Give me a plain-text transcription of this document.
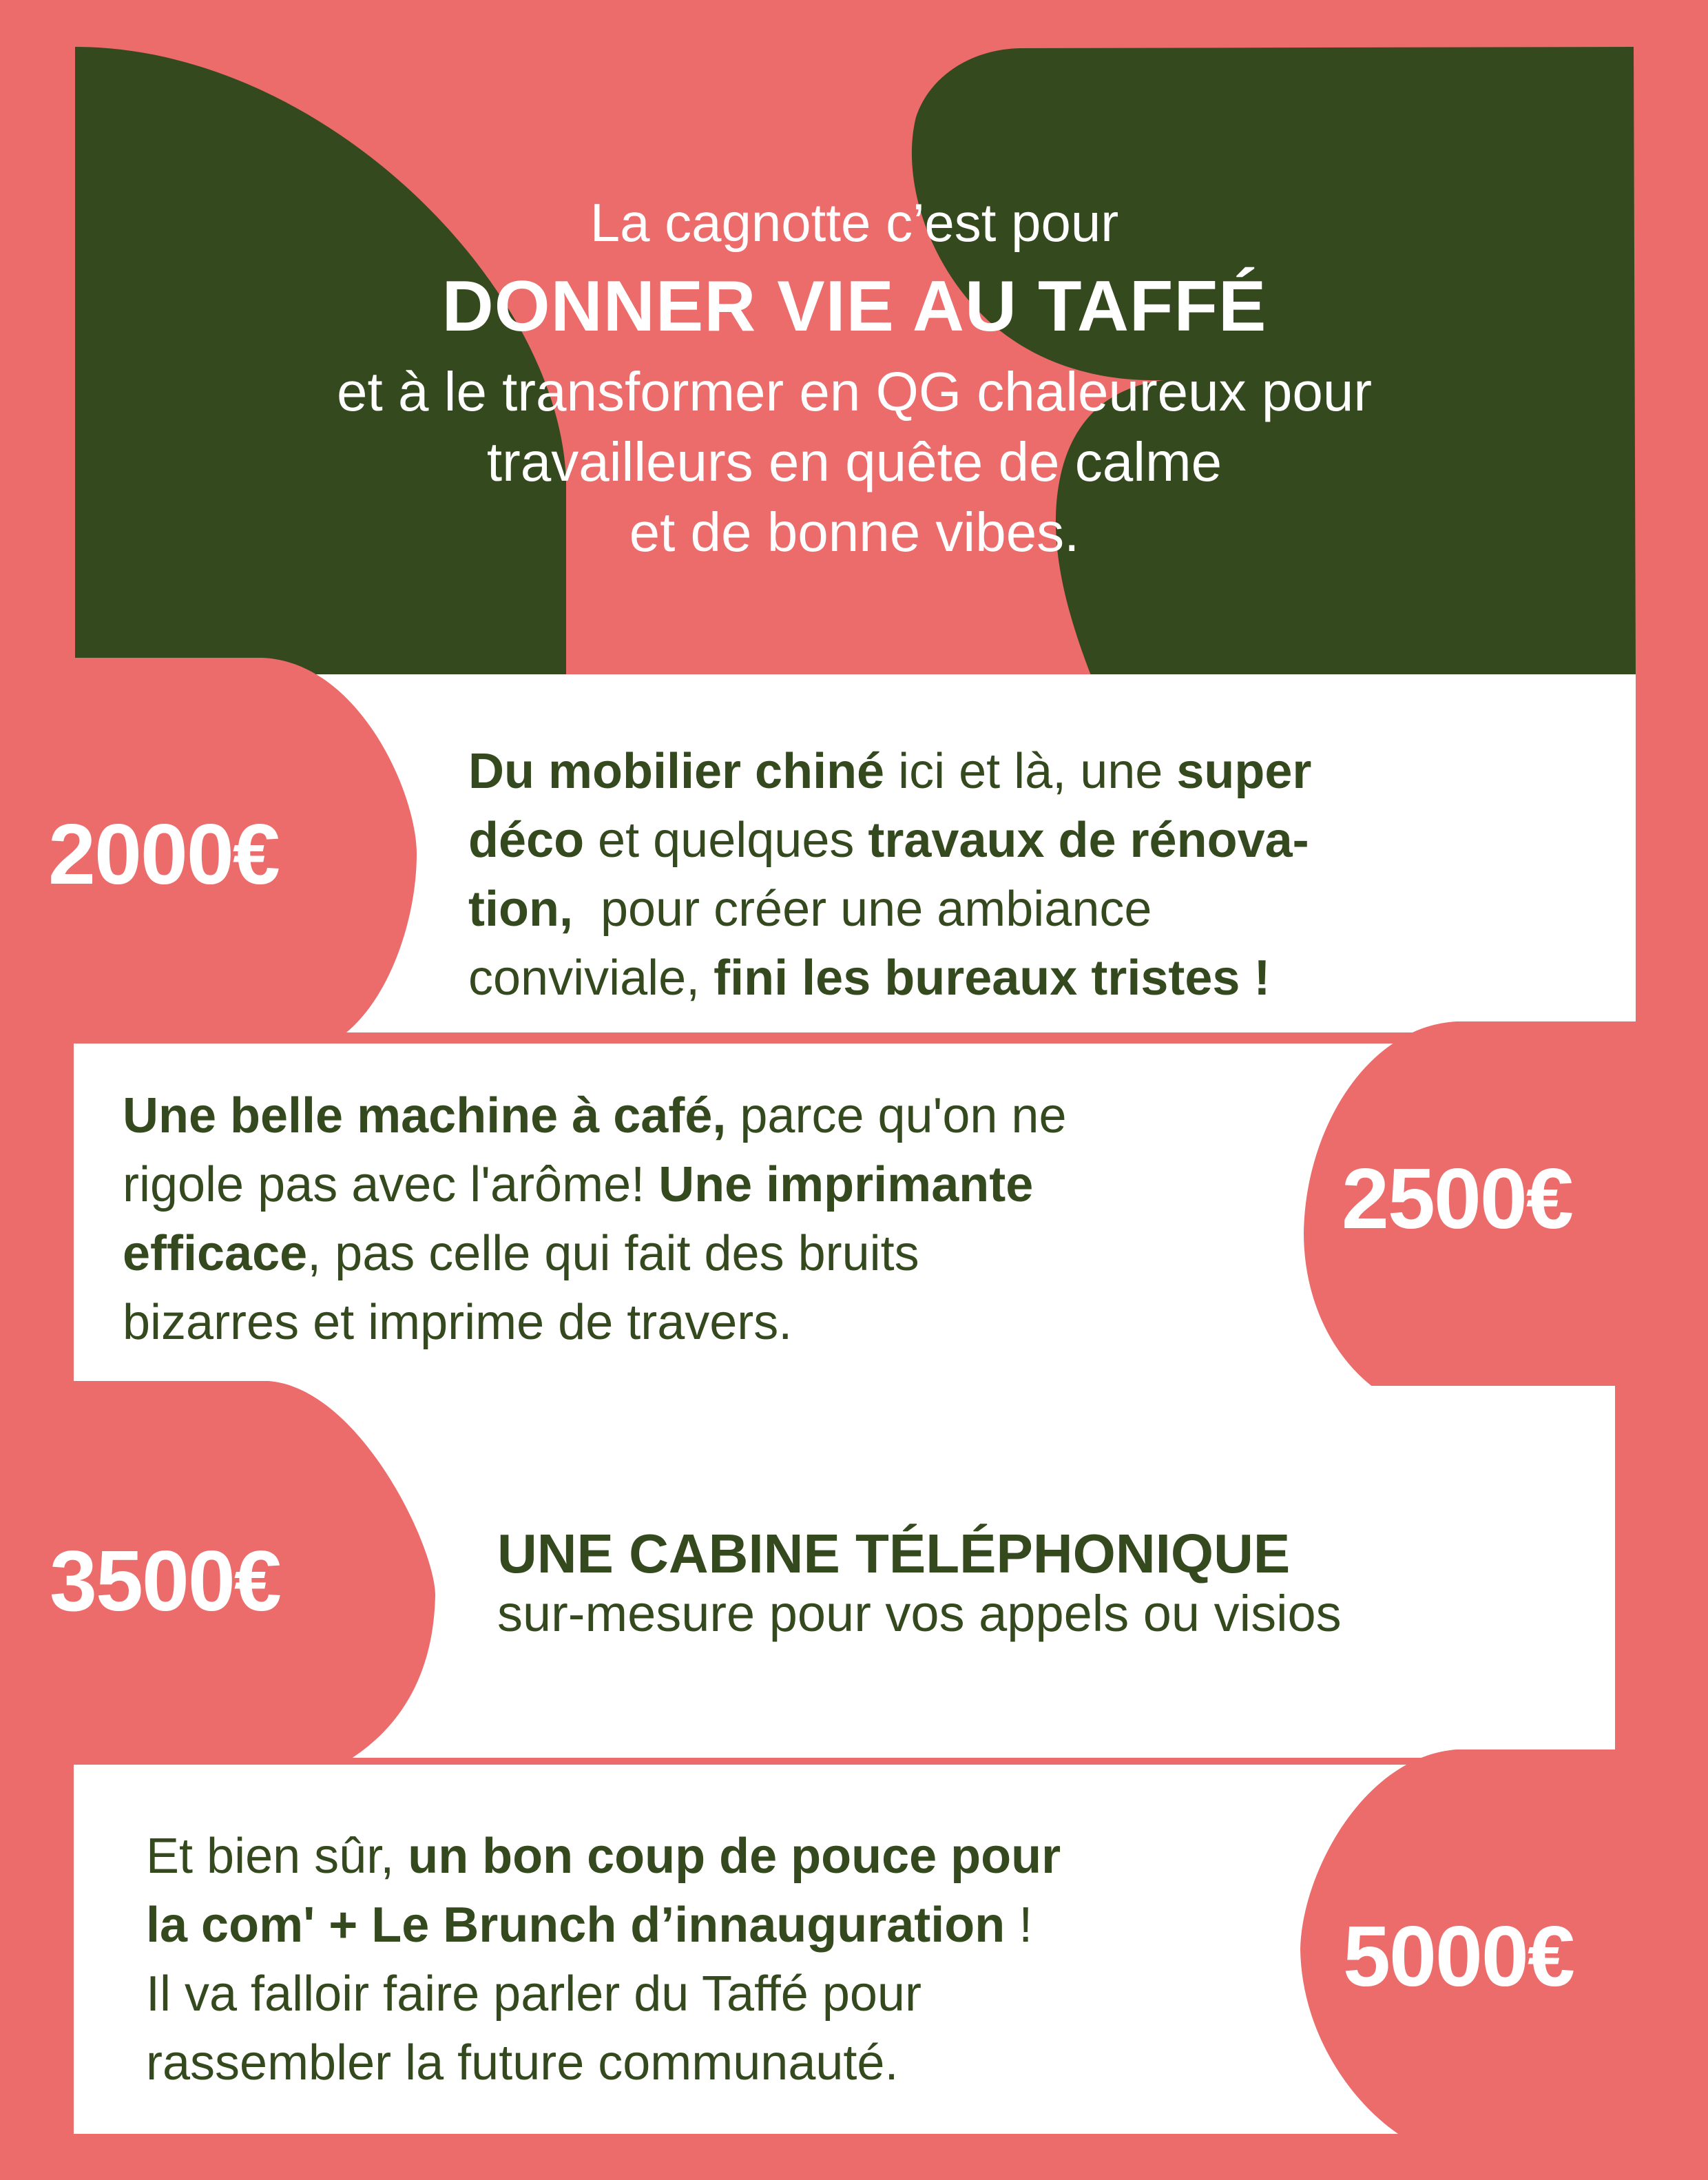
La cagnotte c’est pour
DONNER VIE AU TAFFÉ
et à le transformer en QG chaleureux pour
travailleurs en quête de calme
et de bonne vibes.
2000€
Du mobilier chiné ici et là, une super
déco et quelques travaux de rénova-
tion,  pour créer une ambiance
conviviale, fini les bureaux tristes !
Une belle machine à café, parce qu'on ne
rigole pas avec l'arôme! Une imprimante
efficace, pas celle qui fait des bruits
bizarres et imprime de travers.
2500€
3500€	UNE CABINE TÉLÉPHONIQUE
sur-mesure pour vos appels ou visios
Et bien sûr, un bon coup de pouce pour
la com' + Le Brunch d’innauguration !
Il va falloir faire parler du Taffé pour
rassembler la future communauté.
5000€
